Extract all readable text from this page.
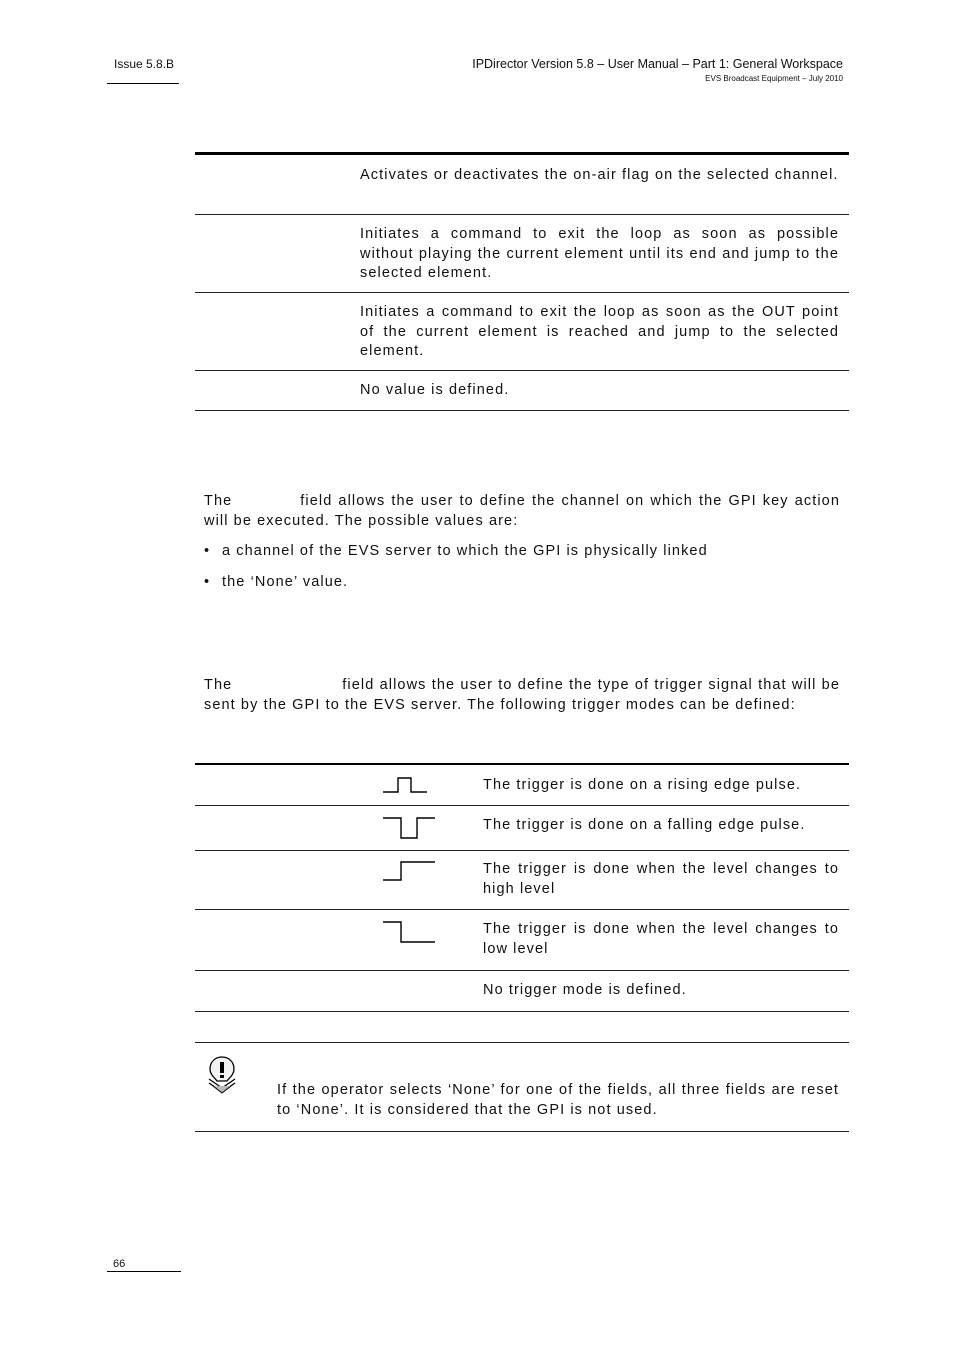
Issue 5.8.B	IPDirector Version 5.8 – User Manual – Part 1: General Workspace
EVS Broadcast Equipment – July 2010
Activates or deactivates the on-air flag on the selected channel.
Initiates a command to exit the loop as soon as possible without playing the current element until its end and jump to the selected element.
Initiates a command to exit the loop as soon as the OUT point of the current element is reached and jump to the selected element.
No value is defined.
The	field allows the user to define the channel on which the GPI key action will be executed. The possible values are:
• a channel of the EVS server to which the GPI is physically linked
• the ‘None’ value.
The	field allows the user to define the type of trigger signal that will be sent by the GPI to the EVS server. The following trigger modes can be defined:
The trigger is done on a rising edge pulse.
The trigger is done on a falling edge pulse.
The trigger is done when the level changes to high level
The trigger is done when the level changes to low level
No trigger mode is defined.
If the operator selects ‘None’ for one of the fields, all three fields are reset to ‘None’. It is considered that the GPI is not used.
66
